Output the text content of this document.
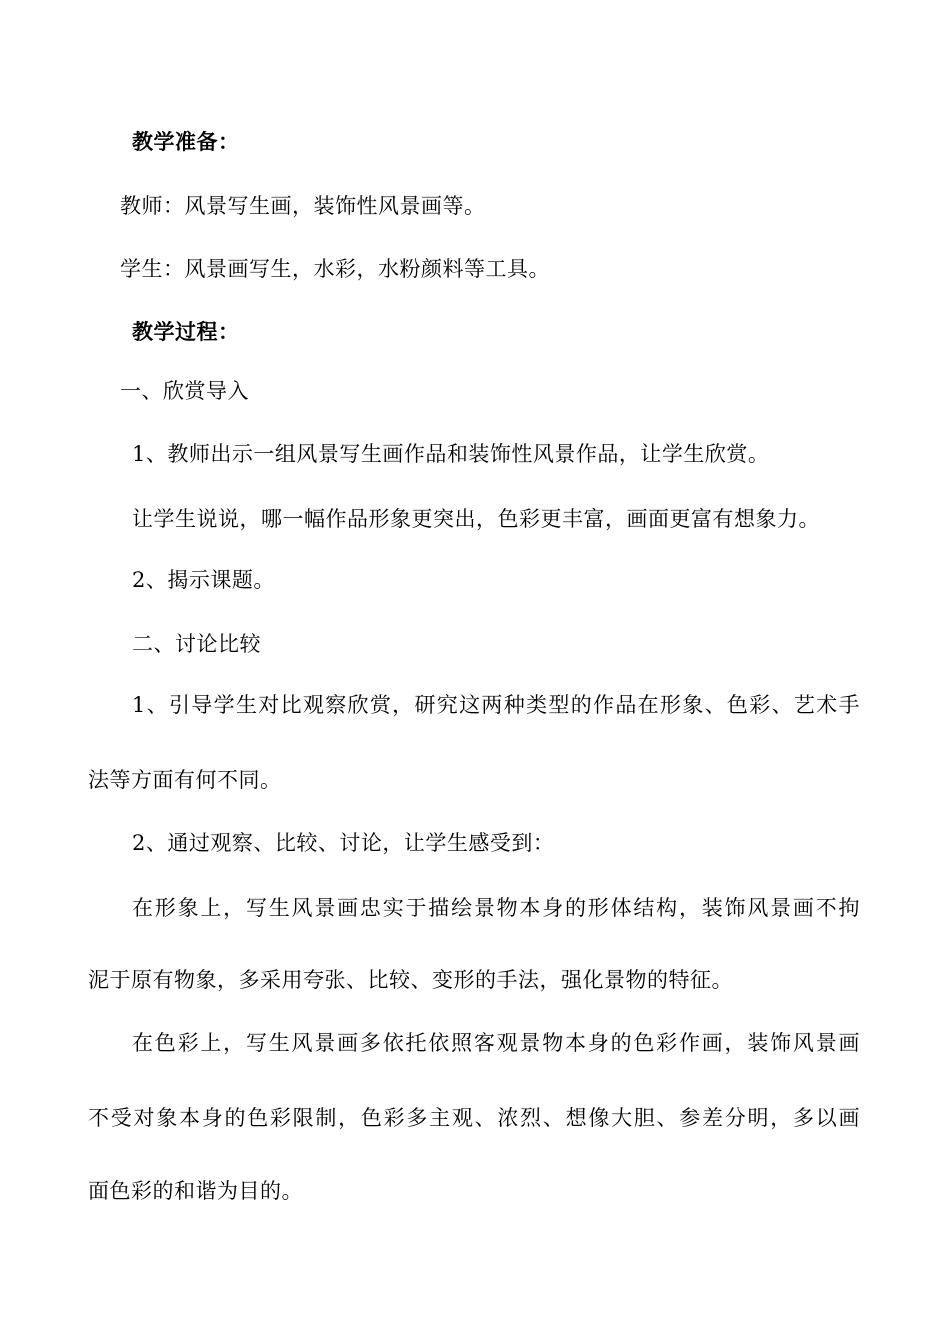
教学准备：
教师：风景写生画，装饰性风景画等。
学生：风景画写生，水彩，水粉颜料等工具。
教学过程：
一、欣赏导入
1、教师出示一组风景写生画作品和装饰性风景作品，让学生欣赏。
让学生说说，哪一幅作品形象更突出，色彩更丰富，画面更富有想象力。
2、揭示课题。
二、讨论比较
1、引导学生对比观察欣赏，研究这两种类型的作品在形象、色彩、艺术手
法等方面有何不同。
2、通过观察、比较、讨论，让学生感受到：
在形象上，写生风景画忠实于描绘景物本身的形体结构，装饰风景画不拘
泥于原有物象，多采用夸张、比较、变形的手法，强化景物的特征。
在色彩上，写生风景画多依托依照客观景物本身的色彩作画，装饰风景画
不受对象本身的色彩限制，色彩多主观、浓烈、想像大胆、参差分明，多以画
面色彩的和谐为目的。
